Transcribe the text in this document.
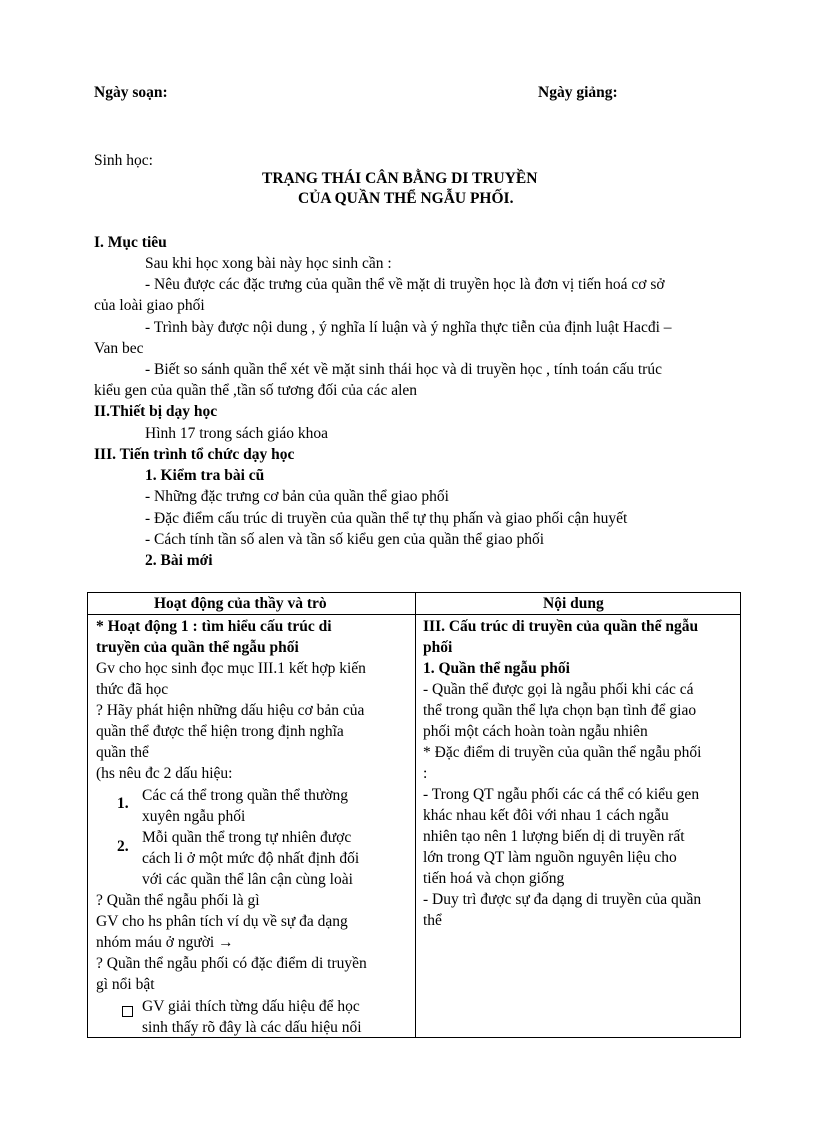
Ngày soạn:	Ngày giảng:
Sinh học:
TRẠNG THÁI CÂN BẰNG DI TRUYỀN
CỦA QUẦN THỂ NGẪU PHỐI.
I. Mục tiêu
Sau khi học xong bài này học sinh cần :
- Nêu được các đặc trưng của quần thể về mặt di truyền học là đơn vị tiến hoá cơ sở
của loài giao phối
- Trình bày được nội dung , ý nghĩa lí luận và ý nghĩa thực tiễn của định luật Hacđi –
Van bec
- Biết so sánh quần thể xét về mặt sinh thái học và di truyền học , tính toán cấu trúc
kiểu gen của quần thể ,tần số tương đối của các alen
II.Thiết bị dạy học
Hình 17 trong sách giáo khoa
III. Tiến trình tổ chức dạy học
1. Kiểm tra bài cũ
- Những đặc trưng cơ bản của quần thể giao phối
- Đặc điểm cấu trúc di truyền của quần thể tự thụ phấn và giao phối cận huyết
- Cách tính tần số alen và tần số kiểu gen của quần thể giao phối
2. Bài mới
Hoạt động của thầy và trò	Nội dung
* Hoạt động 1 : tìm hiểu cấu trúc di
truyền của quần thể ngẫu phối
Gv cho học sinh đọc mục III.1 kết hợp kiến
thức đã học
? Hãy phát hiện những dấu hiệu cơ bản của
quần thể được thể hiện trong định nghĩa
quần thể
(hs nêu đc 2 dấu hiệu:
1. Các cá thể trong quần thể thường
xuyên ngẫu phối
2.
Mỗi quần thể trong tự nhiên được
cách li ở một mức độ nhất định đối
với các quần thể lân cận cùng loài
? Quần thể ngẫu phối là gì
GV cho hs phân tích ví dụ về sự đa dạng
nhóm máu ở người →
? Quần thể ngẫu phối có đặc điểm di truyền
gì nổi bật
GV giải thích từng dấu hiệu để học
sinh thấy rõ đây là các dấu hiệu nổi
III. Cấu trúc di truyền của quần thể ngẫu
phối
1. Quần thể ngẫu phối
- Quần thể được gọi là ngẫu phối khi các cá
thể trong quần thể lựa chọn bạn tình để giao
phối một cách hoàn toàn ngẫu nhiên
* Đặc điểm di truyền của quần thể ngẫu phối
:
- Trong QT ngẫu phối các cá thể có kiểu gen
khác nhau kết đôi với nhau 1 cách ngẫu
nhiên tạo nên 1 lượng biến dị di truyền rất
lớn trong QT làm nguồn nguyên liệu cho
tiến hoá và chọn giống
- Duy trì được sự đa dạng di truyền của quần
thể
